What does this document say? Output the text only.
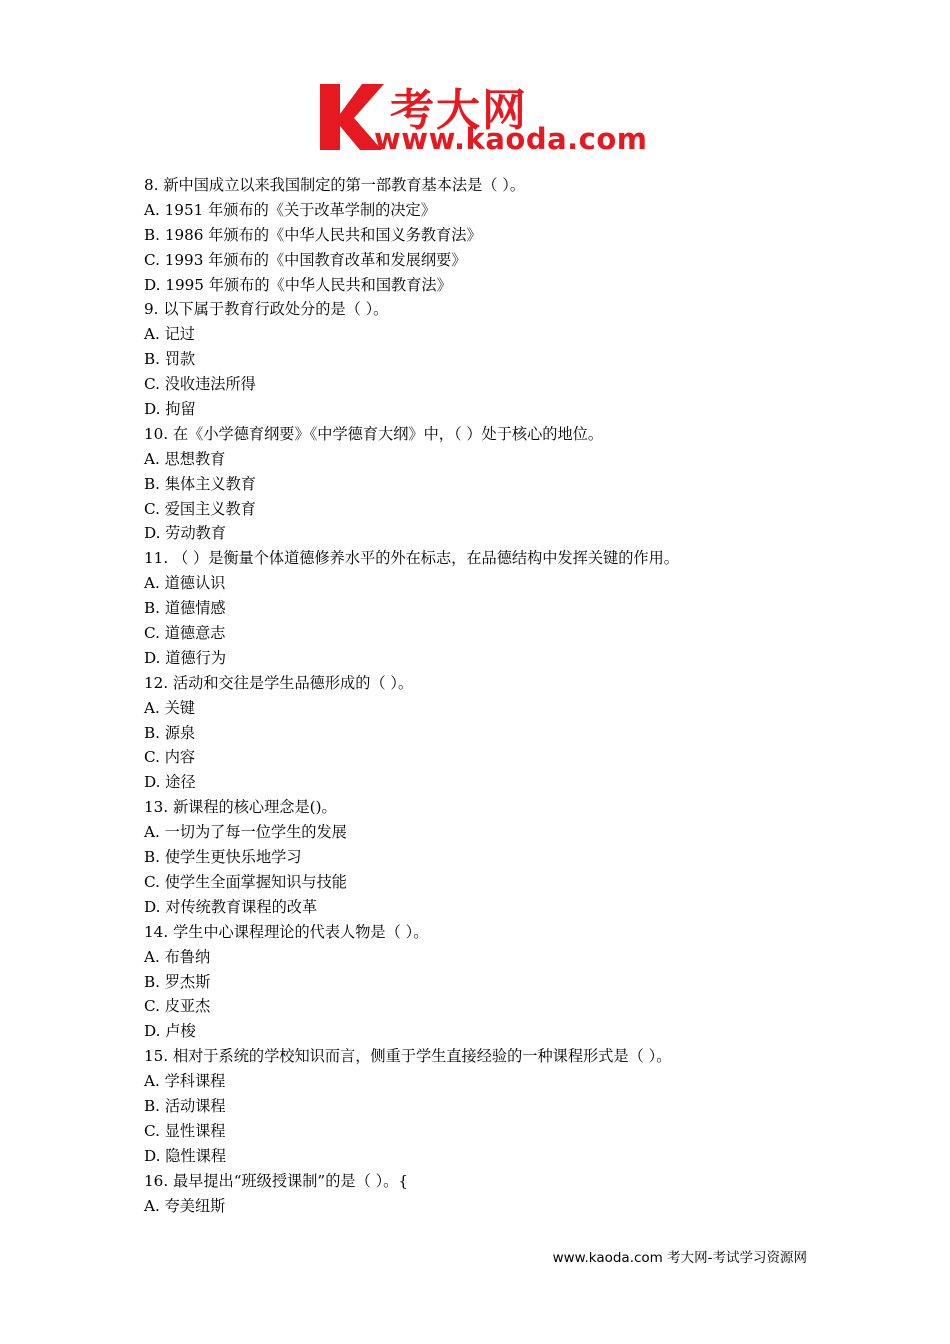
考大网
www.kaoda.com
8. 新中国成立以来我国制定的第一部教育基本法是（ ）。
A. 1951 年颁布的《关于改革学制的决定》
B. 1986 年颁布的《中华人民共和国义务教育法》
C. 1993 年颁布的《中国教育改革和发展纲要》
D. 1995 年颁布的《中华人民共和国教育法》
9. 以下属于教育行政处分的是（ ）。
A. 记过
B. 罚款
C. 没收违法所得
D. 拘留
10. 在《小学德育纲要》《中学德育大纲》中，（ ）处于核心的地位。
A. 思想教育
B. 集体主义教育
C. 爱国主义教育
D. 劳动教育
11. （ ）是衡量个体道德修养水平的外在标志，在品德结构中发挥关键的作用。
A. 道德认识
B. 道德情感
C. 道德意志
D. 道德行为
12. 活动和交往是学生品德形成的（ ）。
A. 关键
B. 源泉
C. 内容
D. 途径
13. 新课程的核心理念是()。
A. 一切为了每一位学生的发展
B. 使学生更快乐地学习
C. 使学生全面掌握知识与技能
D. 对传统教育课程的改革
14. 学生中心课程理论的代表人物是（ ）。
A. 布鲁纳
B. 罗杰斯
C. 皮亚杰
D. 卢梭
15. 相对于系统的学校知识而言，侧重于学生直接经验的一种课程形式是（ ）。
A. 学科课程
B. 活动课程
C. 显性课程
D. 隐性课程
16. 最早提出“班级授课制”的是（ ）。{
A. 夸美纽斯
www.kaoda.com 考大网-考试学习资源网
